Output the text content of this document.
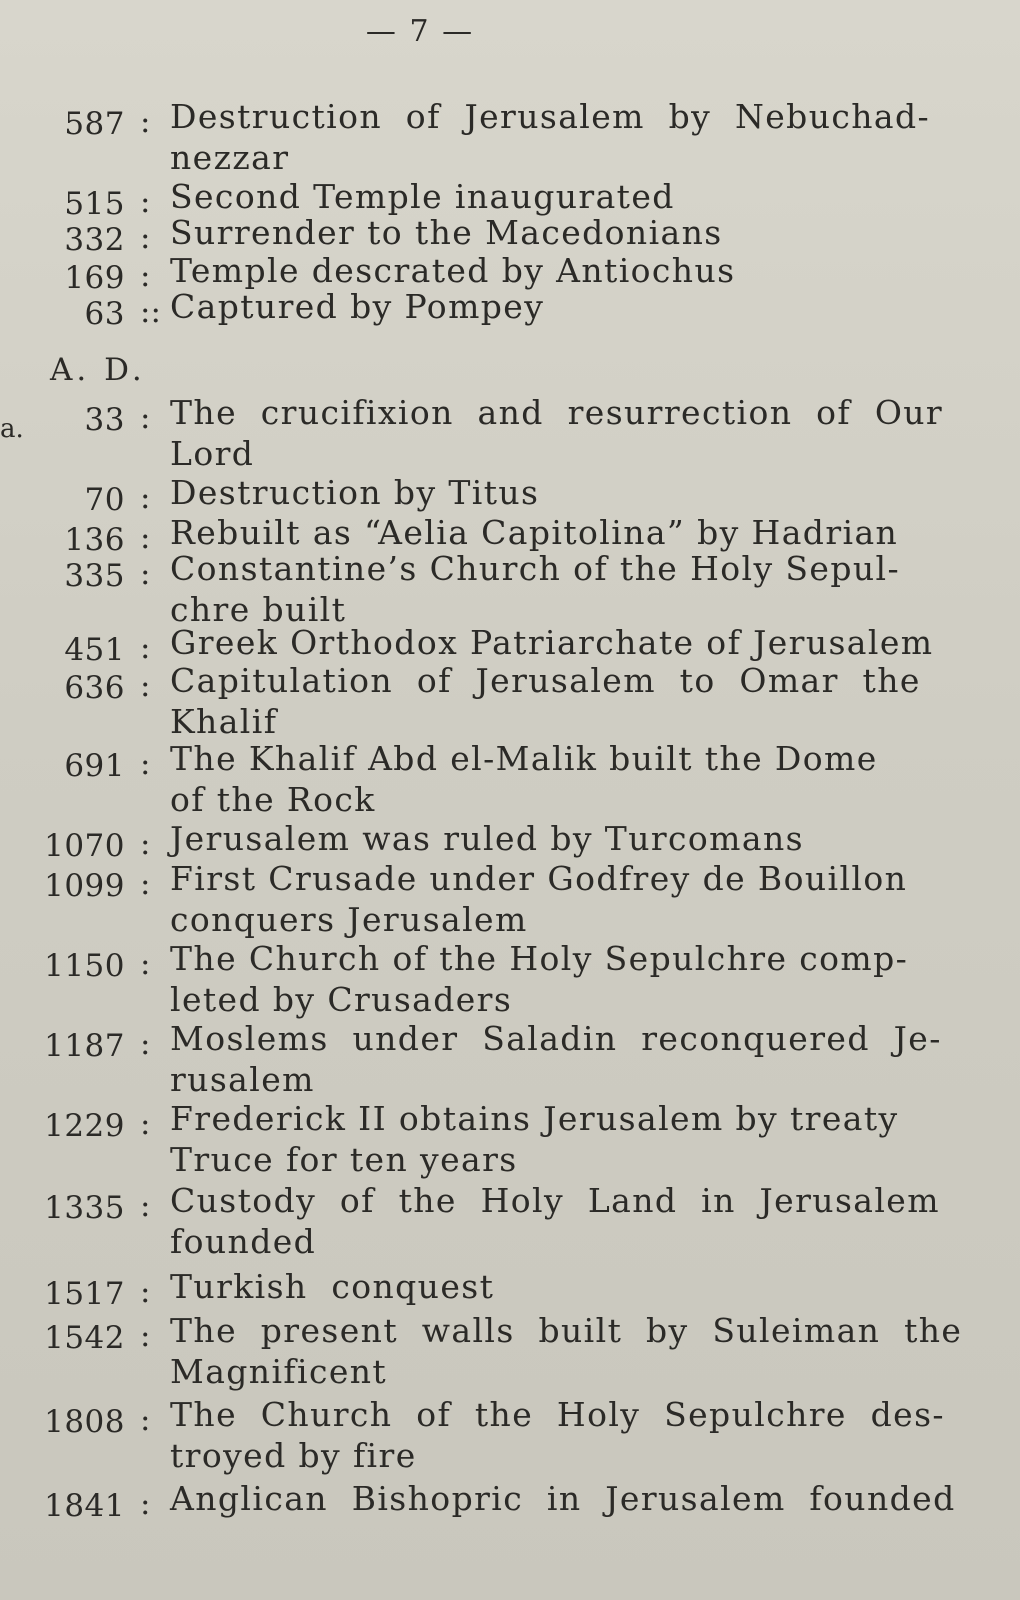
— 7 —
A. D.
a.
587 : Destruction  of  Jerusalem  by  Nebuchad-
nezzar
515 : Second Temple inaugurated
332 : Surrender to the Macedonians
169 : Temple descrated by Antiochus
63 :: Captured by Pompey
33 : The  crucifixion  and  resurrection  of  Our
Lord
70 : Destruction by Titus
136 : Rebuilt as “Aelia Capitolina” by Hadrian
335 : Constantine’s Church of the Holy Sepul-
chre built
451 : Greek Orthodox Patriarchate of Jerusalem
636 : Capitulation  of  Jerusalem  to  Omar  the
Khalif
691 : The Khalif Abd el-Malik built the Dome
of the Rock
1070 : Jerusalem was ruled by Turcomans
1099 : First Crusade under Godfrey de Bouillon
conquers Jerusalem
1150 : The Church of the Holy Sepulchre comp-
leted by Crusaders
1187 : Moslems  under  Saladin  reconquered  Je-
rusalem
1229 : Frederick II obtains Jerusalem by treaty
Truce for ten years
1335 : Custody  of  the  Holy  Land  in  Jerusalem
founded
1517 : Turkish  conquest
1542 : The  present  walls  built  by  Suleiman  the
Magnificent
1808 : The  Church  of  the  Holy  Sepulchre  des-
troyed by fire
1841 : Anglican  Bishopric  in  Jerusalem  founded
